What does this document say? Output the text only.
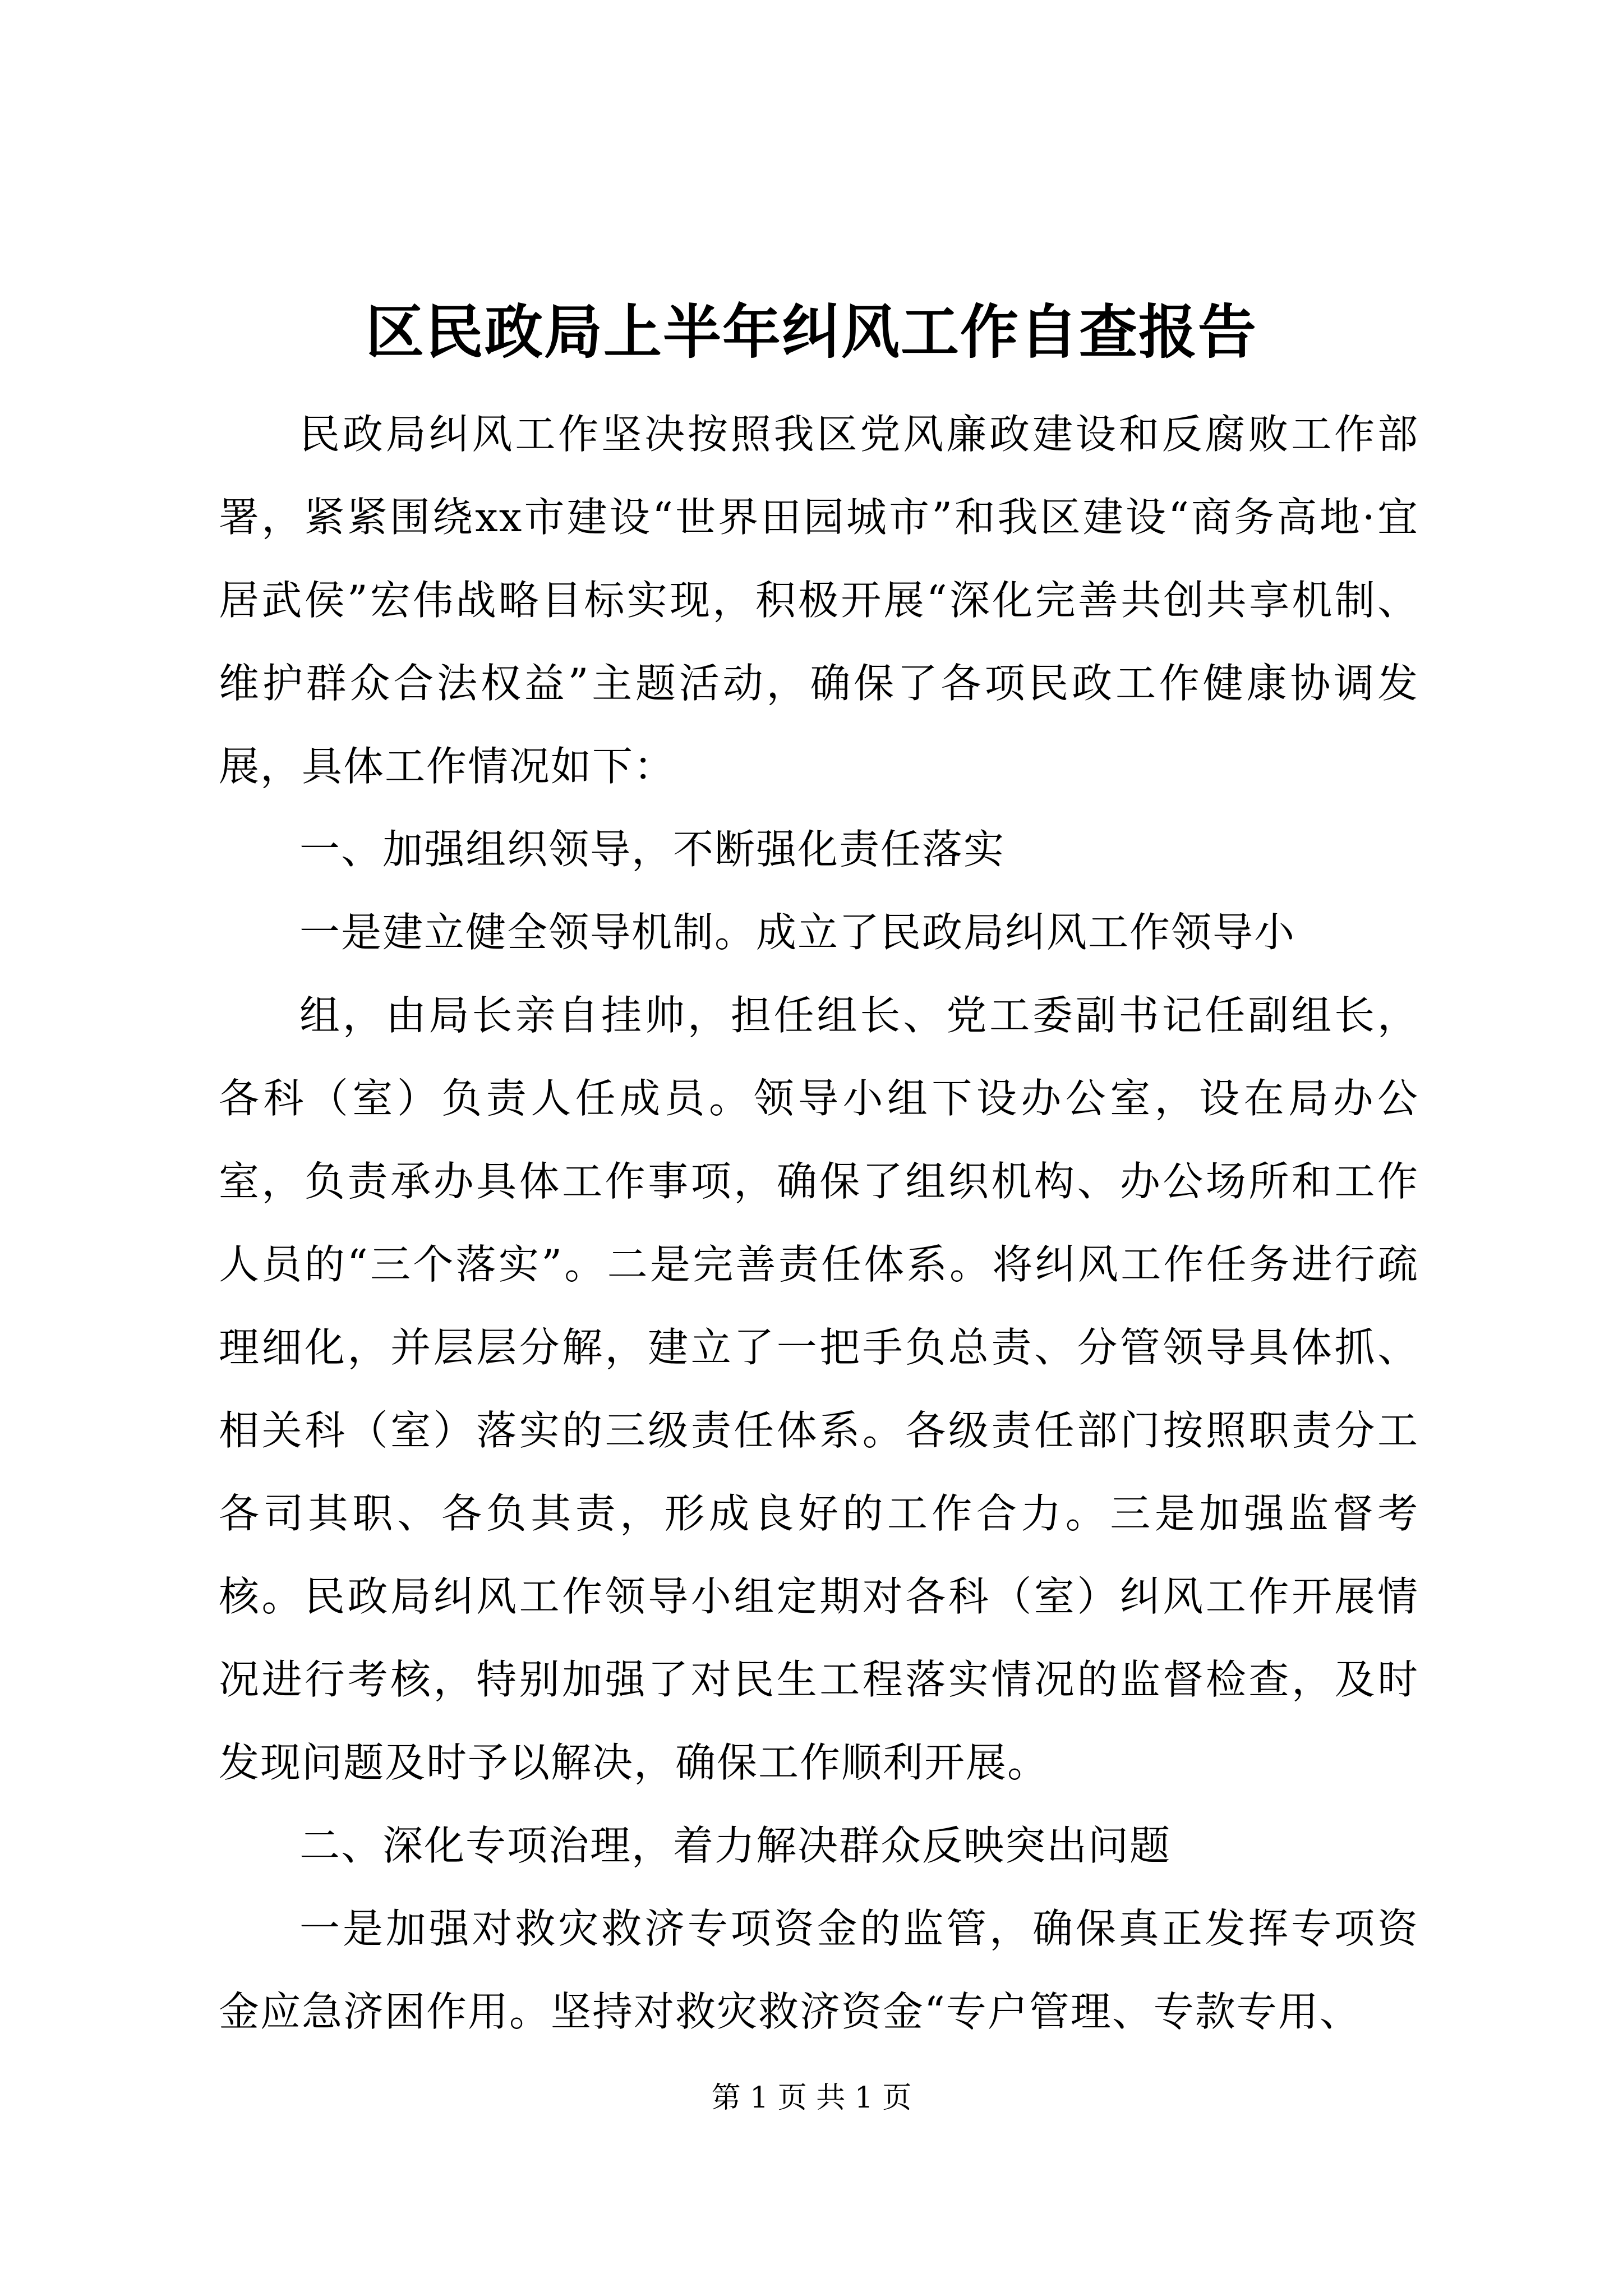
区民政局上半年纠风工作自查报告

民政局纠风工作坚决按照我区党风廉政建设和反腐败工作部署，紧紧围绕xx市建设“世界田园城市”和我区建设“商务高地·宜居武侯”宏伟战略目标实现，积极开展“深化完善共创共享机制、维护群众合法权益”主题活动，确保了各项民政工作健康协调发展，具体工作情况如下：

一、加强组织领导，不断强化责任落实

一是建立健全领导机制。成立了民政局纠风工作领导小

组，由局长亲自挂帅，担任组长、党工委副书记任副组长，各科（室）负责人任成员。领导小组下设办公室，设在局办公室，负责承办具体工作事项，确保了组织机构、办公场所和工作人员的“三个落实”。二是完善责任体系。将纠风工作任务进行疏理细化，并层层分解，建立了一把手负总责、分管领导具体抓、相关科（室）落实的三级责任体系。各级责任部门按照职责分工各司其职、各负其责，形成良好的工作合力。三是加强监督考核。民政局纠风工作领导小组定期对各科（室）纠风工作开展情况进行考核，特别加强了对民生工程落实情况的监督检查，及时发现问题及时予以解决，确保工作顺利开展。

二、深化专项治理，着力解决群众反映突出问题

一是加强对救灾救济专项资金的监管，确保真正发挥专项资金应急济困作用。坚持对救灾救济资金“专户管理、专款专用、

第 1 页 共 1 页
